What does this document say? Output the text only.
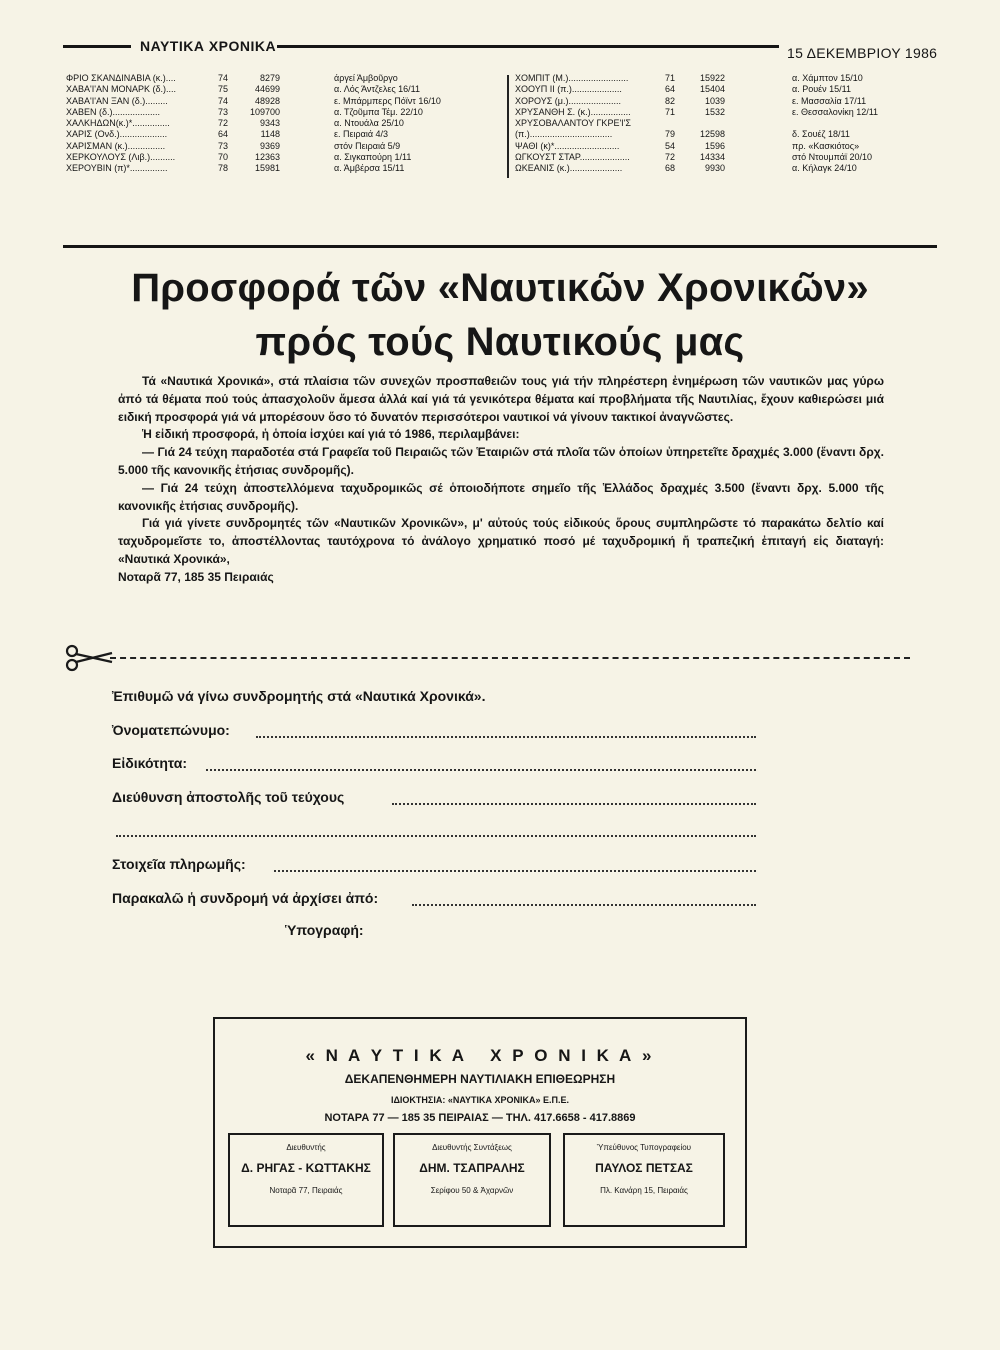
ΝΑΥΤΙΚΑ ΧΡΟΝΙΚΑ	15 ΔΕΚΕΜΒΡΙΟΥ 1986
ΦΡΙΟ ΣΚΑΝΔΙΝΑΒΙΑ (κ.)....	74	8279	άργεί Άμβοῦργο
ΧΑΒΑ'Ι'ΑΝ ΜΟΝΑΡΚ (δ.)....	75	44699	α. Λός Άντζελες 16/11
ΧΑΒΑ'Ι'ΑΝ ΞΑΝ (δ.).........	74	48928	ε. Μπάρμπερς Πόϊντ 16/10
ΧΑΒΕΝ (δ.)...................	73	109700	α. Τζοῦμπα Τέμ. 22/10
ΧΑΛΚΗΔΩΝ(κ.)*...............	72	9343	α. Ντουάλα 25/10
ΧΑΡΙΣ (Ονδ.)...................	64	1148	ε. Πειραιά 4/3
ΧΑΡΙΣΜΑΝ (κ.)...............	73	9369	στόν Πειραιά 5/9
ΧΕΡΚΟΥΛΟΥΣ (Λιβ.)..........	70	12363	α. Σιγκαπούρη 1/11
ΧΕΡΟΥΒΙΝ (π)*...............	78	15981	α. Άμβέρσα 15/11
ΧΟΜΠΙΤ (Μ.)........................	71	15922	α. Χάμπτον 15/10
ΧΟΟΥΠ ΙΙ (π.)....................	64	15404	α. Ρουέν 15/11
ΧΟΡΟΥΣ (μ.).....................	82	1039	ε. Μασσαλία 17/11
ΧΡΥΣΑΝΘΗ Σ. (κ.)................	71	1532	ε. Θεσσαλονίκη 12/11
ΧΡΥΣΟΒΑΛΑΝΤΟΥ ΓΚΡΕ'Ι'Σ
(π.).................................	79	12598	δ. Σουέζ 18/11
ΨΑΘΙ (κ)*..........................	54	1596	πρ. «Κασκιότος»
ΩΓΚΟΥΣΤ ΣΤΑΡ....................	72	14334	στό Ντουμπάϊ 20/10
ΩΚΕΑΝΙΣ (κ.).....................	68	9930	α. Κήλαγκ 24/10
Προσφορά τῶν «Ναυτικῶν Χρονικῶν»
πρός τούς Ναυτικούς μας

Τά «Ναυτικά Χρονικά», στά πλαίσια τῶν συνεχῶν προσπαθειῶν τους γιά τήν πληρέστερη ἐνημέρωση τῶν ναυτικῶν μας γύρω ἀπό τά θέματα πού τούς ἀπασχολοῦν ἄμεσα ἀλλά καί γιά τά γενικότερα θέματα καί προβλήματα τῆς Ναυτιλίας, ἔχουν καθιερώσει μιά ειδική προσφορά γιά νά μπορέσουν ὅσο τό δυνατόν περισσότεροι ναυτικοί νά γίνουν τακτικοί ἀναγνῶστες.

Ἡ εἰδική προσφορά, ἡ ὁποία ἰσχύει καί γιά τό 1986, περιλαμβάνει:

— Γιά 24 τεύχη παραδοτέα στά Γραφεῖα τοῦ Πειραιῶς τῶν Ἑταιριῶν στά πλοῖα τῶν ὁποίων ὑπηρετεῖτε δραχμές 3.000 (ἔναντι δρχ. 5.000 τῆς κανονικῆς ἐτήσιας συνδρομῆς).

— Γιά 24 τεύχη ἀποστελλόμενα ταχυδρομικῶς σέ ὁποιοδήποτε σημεῖο τῆς Ἑλλάδος δραχμές 3.500 (ἔναντι δρχ. 5.000 τῆς κανονικῆς ἐτήσιας συνδρομῆς).

Γιά γιά γίνετε συνδρομητές τῶν «Ναυτικῶν Χρονικῶν», μ' αὐτούς τούς εἰδικούς ὅρους συμπληρῶστε τό παρακάτω δελτίο καί ταχυδρομεῖστε το, ἀποστέλλοντας ταυτόχρονα τό ἀνάλογο χρηματικό ποσό μέ ταχυδρομική ἤ τραπεζική ἐπιταγή εἰς διαταγή: «Ναυτικά Χρονικά»,

Νοταρᾶ 77, 185 35 Πειραιάς

Ἐπιθυμῶ νά γίνω συνδρομητής στά «Ναυτικά Χρονικά».
Ὀνοματεπώνυμο:
Εἰδικότητα:
Διεύθυνση ἀποστολῆς τοῦ τεύχους
Στοιχεῖα πληρωμῆς:
Παρακαλῶ ἡ συνδρομή νά ἀρχίσει ἀπό:
Ὑπογραφή:
« Ν Α Υ Τ Ι Κ Α   Χ Ρ Ο Ν Ι Κ Α »
ΔΕΚΑΠΕΝΘΗΜΕΡΗ ΝΑΥΤΙΛΙΑΚΗ ΕΠΙΘΕΩΡΗΣΗ
ΙΔΙΟΚΤΗΣΙΑ: «ΝΑΥΤΙΚΑ ΧΡΟΝΙΚΑ» Ε.Π.Ε.
ΝΟΤΑΡΑ 77 — 185 35 ΠΕΙΡΑΙΑΣ — ΤΗΛ. 417.6658 - 417.8869
Διευθυντής
Δ. ΡΗΓΑΣ - ΚΩΤΤΑΚΗΣ
Νοταρᾶ 77, Πειραιάς
Διευθυντής Συντάξεως
ΔΗΜ. ΤΣΑΠΡΑΛΗΣ
Σερίφου 50 & Ἀχαρνῶν
Ὑπεύθυνος Τυπογραφείου
ΠΑΥΛΟΣ ΠΕΤΣΑΣ
Πλ. Κανάρη 15, Πειραιάς
